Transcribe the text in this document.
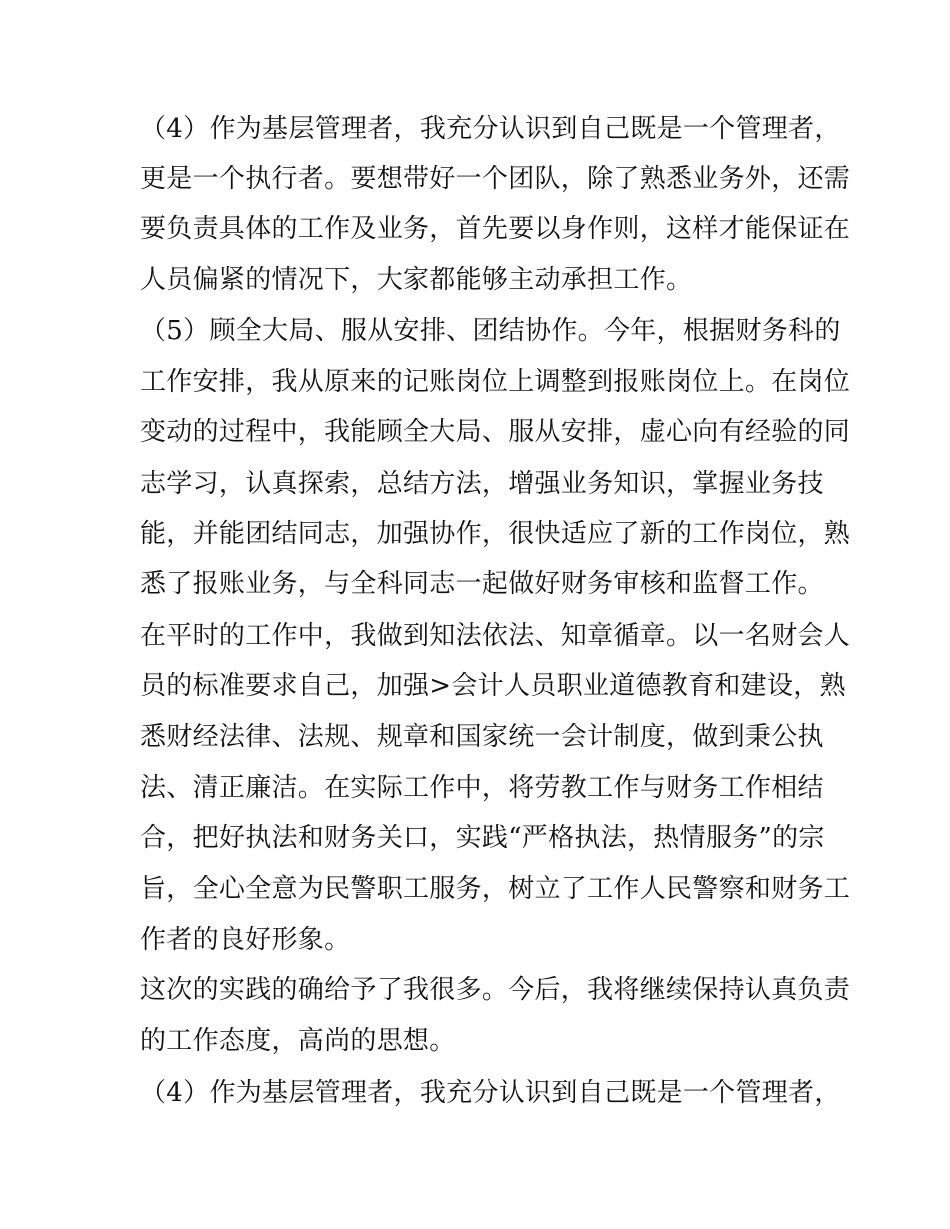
（4）作为基层管理者，我充分认识到自己既是一个管理者，
更是一个执行者。要想带好一个团队，除了熟悉业务外，还需
要负责具体的工作及业务，首先要以身作则，这样才能保证在
人员偏紧的情况下，大家都能够主动承担工作。
（5）顾全大局、服从安排、团结协作。今年，根据财务科的
工作安排，我从原来的记账岗位上调整到报账岗位上。在岗位
变动的过程中，我能顾全大局、服从安排，虚心向有经验的同
志学习，认真探索，总结方法，增强业务知识，掌握业务技
能，并能团结同志，加强协作，很快适应了新的工作岗位，熟
悉了报账业务，与全科同志一起做好财务审核和监督工作。
在平时的工作中，我做到知法依法、知章循章。以一名财会人
员的标准要求自己，加强>会计人员职业道德教育和建设，熟
悉财经法律、法规、规章和国家统一会计制度，做到秉公执
法、清正廉洁。在实际工作中，将劳教工作与财务工作相结
合，把好执法和财务关口，实践“严格执法，热情服务”的宗
旨，全心全意为民警职工服务，树立了工作人民警察和财务工
作者的良好形象。
这次的实践的确给予了我很多。今后，我将继续保持认真负责
的工作态度，高尚的思想。
（4）作为基层管理者，我充分认识到自己既是一个管理者，
